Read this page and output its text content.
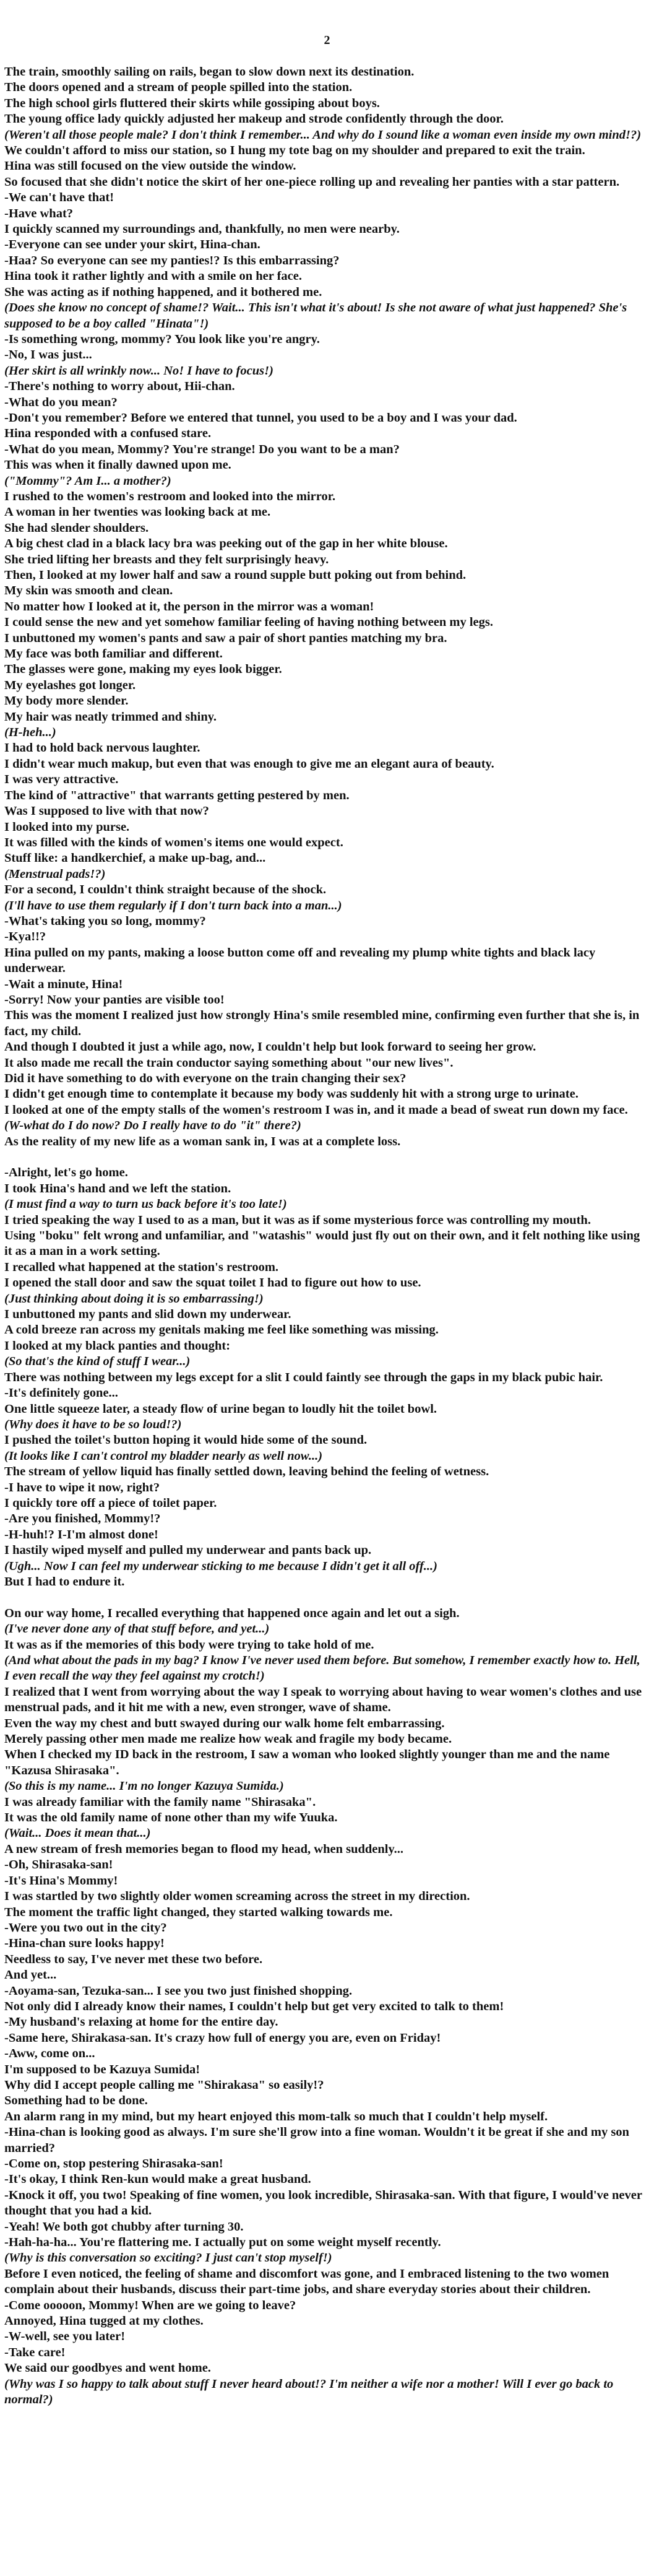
2

The train, smoothly sailing on rails, began to slow down next its destination.

The doors opened and a stream of people spilled into the station.

The high school girls fluttered their skirts while gossiping about boys.

The young office lady quickly adjusted her makeup and strode confidently through the door.

(Weren't all those people male? I don't think I remember... And why do I sound like a woman even inside my own mind!?)

We couldn't afford to miss our station, so I hung my tote bag on my shoulder and prepared to exit the train.

Hina was still focused on the view outside the window.

So focused that she didn't notice the skirt of her one-piece rolling up and revealing her panties with a star pattern.

-We can't have that!

-Have what?

I quickly scanned my surroundings and, thankfully, no men were nearby.

-Everyone can see under your skirt, Hina-chan.

-Haa? So everyone can see my panties!? Is this embarrassing?

Hina took it rather lightly and with a smile on her face.

She was acting as if nothing happened, and it bothered me.

(Does she know no concept of shame!? Wait... This isn't what it's about! Is she not aware of what just happened? She's supposed to be a boy called "Hinata"!)

-Is something wrong, mommy? You look like you're angry.

-No, I was just...

(Her skirt is all wrinkly now... No! I have to focus!)

-There's nothing to worry about, Hii-chan.

-What do you mean?

-Don't you remember? Before we entered that tunnel, you used to be a boy and I was your dad.

Hina responded with a confused stare.

-What do you mean, Mommy? You're strange! Do you want to be a man?

This was when it finally dawned upon me.

("Mommy"? Am I... a mother?)

I rushed to the women's restroom and looked into the mirror.

A woman in her twenties was looking back at me.

She had slender shoulders.

A big chest clad in a black lacy bra was peeking out of the gap in her white blouse.

She tried lifting her breasts and they felt surprisingly heavy.

Then, I looked at my lower half and saw a round supple butt poking out from behind.

My skin was smooth and clean.

No matter how I looked at it, the person in the mirror was a woman!

I could sense the new and yet somehow familiar feeling of having nothing between my legs.

I unbuttoned my women's pants and saw a pair of short panties matching my bra.

My face was both familiar and different.

The glasses were gone, making my eyes look bigger.

My eyelashes got longer.

My body more slender.

My hair was neatly trimmed and shiny.

(H-heh...)

I had to hold back nervous laughter.

I didn't wear much makup, but even that was enough to give me an elegant aura of beauty.

I was very attractive.

The kind of "attractive" that warrants getting pestered by men.

Was I supposed to live with that now?

I looked into my purse.

It was filled with the kinds of women's items one would expect.

Stuff like: a handkerchief, a make up-bag, and...

(Menstrual pads!?)

For a second, I couldn't think straight because of the shock.

(I'll have to use them regularly if I don't turn back into a man...)

-What's taking you so long, mommy?

-Kya!!?

Hina pulled on my pants, making a loose button come off and revealing my plump white tights and black lacy underwear.

-Wait a minute, Hina!

-Sorry! Now your panties are visible too!

This was the moment I realized just how strongly Hina's smile resembled mine, confirming even further that she is, in fact, my child.

And though I doubted it just a while ago, now, I couldn't help but look forward to seeing her grow.

It also made me recall the train conductor saying something about "our new lives".

Did it have something to do with everyone on the train changing their sex?

I didn't get enough time to contemplate it because my body was suddenly hit with a strong urge to urinate.

I looked at one of the empty stalls of the women's restroom I was in, and it made a bead of sweat run down my face.

(W-what do I do now? Do I really have to do "it" there?)

As the reality of my new life as a woman sank in, I was at a complete loss.

-Alright, let's go home.

I took Hina's hand and we left the station.

(I must find a way to turn us back before it's too late!)

I tried speaking the way I used to as a man, but it was as if some mysterious force was controlling my mouth.

Using "boku" felt wrong and unfamiliar, and "watashis" would just fly out on their own, and it felt nothing like using it as a man in a work setting.

I recalled what happened at the station's restroom.

I opened the stall door and saw the squat toilet I had to figure out how to use.

(Just thinking about doing it is so embarrassing!)

I unbuttoned my pants and slid down my underwear.

A cold breeze ran across my genitals making me feel like something was missing.

I looked at my black panties and thought:

(So that's the kind of stuff I wear...)

There was nothing between my legs except for a slit I could faintly see through the gaps in my black pubic hair.

-It's definitely gone...

One little squeeze later, a steady flow of urine began to loudly hit the toilet bowl.

(Why does it have to be so loud!?)

I pushed the toilet's button hoping it would hide some of the sound.

(It looks like I can't control my bladder nearly as well now...)

The stream of yellow liquid has finally settled down, leaving behind the feeling of wetness.

-I have to wipe it now, right?

I quickly tore off a piece of toilet paper.

-Are you finished, Mommy!?

-H-huh!? I-I'm almost done!

I hastily wiped myself and pulled my underwear and pants back up.

(Ugh... Now I can feel my underwear sticking to me because I didn't get it all off...)

But I had to endure it.

On our way home, I recalled everything that happened once again and let out a sigh.

(I've never done any of that stuff before, and yet...)

It was as if the memories of this body were trying to take hold of me.

(And what about the pads in my bag? I know I've never used them before. But somehow, I remember exactly how to. Hell, I even recall the way they feel against my crotch!)

I realized that I went from worrying about the way I speak to worrying about having to wear women's clothes and use menstrual pads, and it hit me with a new, even stronger, wave of shame.

Even the way my chest and butt swayed during our walk home felt embarrassing.

Merely passing other men made me realize how weak and fragile my body became.

When I checked my ID back in the restroom, I saw a woman who looked slightly younger than me and the name "Kazusa Shirasaka".

(So this is my name... I'm no longer Kazuya Sumida.)

I was already familiar with the family name "Shirasaka".

It was the old family name of none other than my wife Yuuka.

(Wait... Does it mean that...)

A new stream of fresh memories began to flood my head, when suddenly...

-Oh, Shirasaka-san!

-It's Hina's Mommy!

I was startled by two slightly older women screaming across the street in my direction.

The moment the traffic light changed, they started walking towards me.

-Were you two out in the city?

-Hina-chan sure looks happy!

Needless to say, I've never met these two before.

And yet...

-Aoyama-san, Tezuka-san... I see you two just finished shopping.

Not only did I already know their names, I couldn't help but get very excited to talk to them!

-My husband's relaxing at home for the entire day.

-Same here, Shirakasa-san. It's crazy how full of energy you are, even on Friday!

-Aww, come on...

I'm supposed to be Kazuya Sumida!

Why did I accept people calling me "Shirakasa" so easily!?

Something had to be done.

An alarm rang in my mind, but my heart enjoyed this mom-talk so much that I couldn't help myself.

-Hina-chan is looking good as always. I'm sure she'll grow into a fine woman. Wouldn't it be great if she and my son married?

-Come on, stop pestering Shirasaka-san!

-It's okay, I think Ren-kun would make a great husband.

-Knock it off, you two! Speaking of fine women, you look incredible, Shirasaka-san. With that figure, I would've never thought that you had a kid.

-Yeah! We both got chubby after turning 30.

-Hah-ha-ha... You're flattering me. I actually put on some weight myself recently.

(Why is this conversation so exciting? I just can't stop myself!)

Before I even noticed, the feeling of shame and discomfort was gone, and I embraced listening to the two women complain about their husbands, discuss their part-time jobs, and share everyday stories about their children.

-Come ooooon, Mommy! When are we going to leave?

Annoyed, Hina tugged at my clothes.

-W-well, see you later!

-Take care!

We said our goodbyes and went home.

(Why was I so happy to talk about stuff I never heard about!? I'm neither a wife nor a mother! Will I ever go back to normal?)
